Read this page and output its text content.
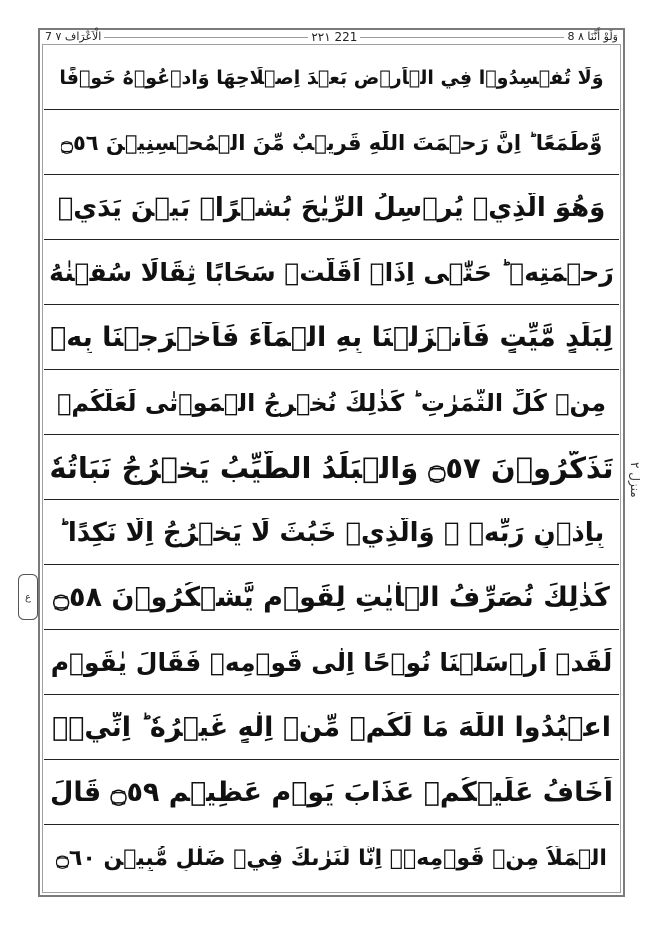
7 الْاَعْرَاف ٧	٢٢١ 221	8 وَلَوْ أَنَّنَا ٨
وَلَا تُفۡسِدُوۡا فِي الۡاَرۡضِ بَعۡدَ اِصۡلَاحِهَا وَادۡعُوۡهُ خَوۡفًا
وَّطَمَعًا ؕ اِنَّ رَحۡمَتَ اللّٰهِ قَرِيۡبٌ مِّنَ الۡمُحۡسِنِيۡنَ ۝٥٦
وَهُوَ الَّذِيۡ يُرۡسِلُ الرِّيٰحَ بُشۡرًاۢ بَيۡنَ يَدَيۡ
رَحۡمَتِهٖ ؕ حَتّٰۤى اِذَاۤ اَقَلَّتۡ سَحَابًا ثِقَالًا سُقۡنٰهُ
لِبَلَدٍ مَّيِّتٍ فَاَنۡزَلۡنَا بِهِ الۡمَآءَ فَاَخۡرَجۡنَا بِهٖ
مِنۡ كُلِّ الثَّمَرٰتِ ؕ كَذٰلِكَ نُخۡرِجُ الۡمَوۡتٰى لَعَلَّكُمۡ
تَذَكَّرُوۡنَ ۝٥٧ وَالۡبَلَدُ الطَّيِّبُ يَخۡرُجُ نَبَاتُهٗ
بِاِذۡنِ رَبِّهٖ ۚ وَالَّذِيۡ خَبُثَ لَا يَخۡرُجُ اِلَّا نَكِدًا ؕ
كَذٰلِكَ نُصَرِّفُ الۡاٰيٰتِ لِقَوۡمٍ يَّشۡكُرُوۡنَ ۝٥٨
لَقَدۡ اَرۡسَلۡنَا نُوۡحًا اِلٰى قَوۡمِهٖ فَقَالَ يٰقَوۡمِ
اعۡبُدُوا اللّٰهَ مَا لَكُمۡ مِّنۡ اِلٰهٍ غَيۡرُهٗ ؕ اِنِّيۡۤ
اَخَافُ عَلَيۡكُمۡ عَذَابَ يَوۡمٍ عَظِيۡمٍ ۝٥٩ قَالَ
الۡمَلَاُ مِنۡ قَوۡمِهٖۤ اِنَّا لَنَرٰٮكَ فِيۡ ضَلٰلٍ مُّبِيۡنٍ ۝٦٠
منزل ٢
ع
